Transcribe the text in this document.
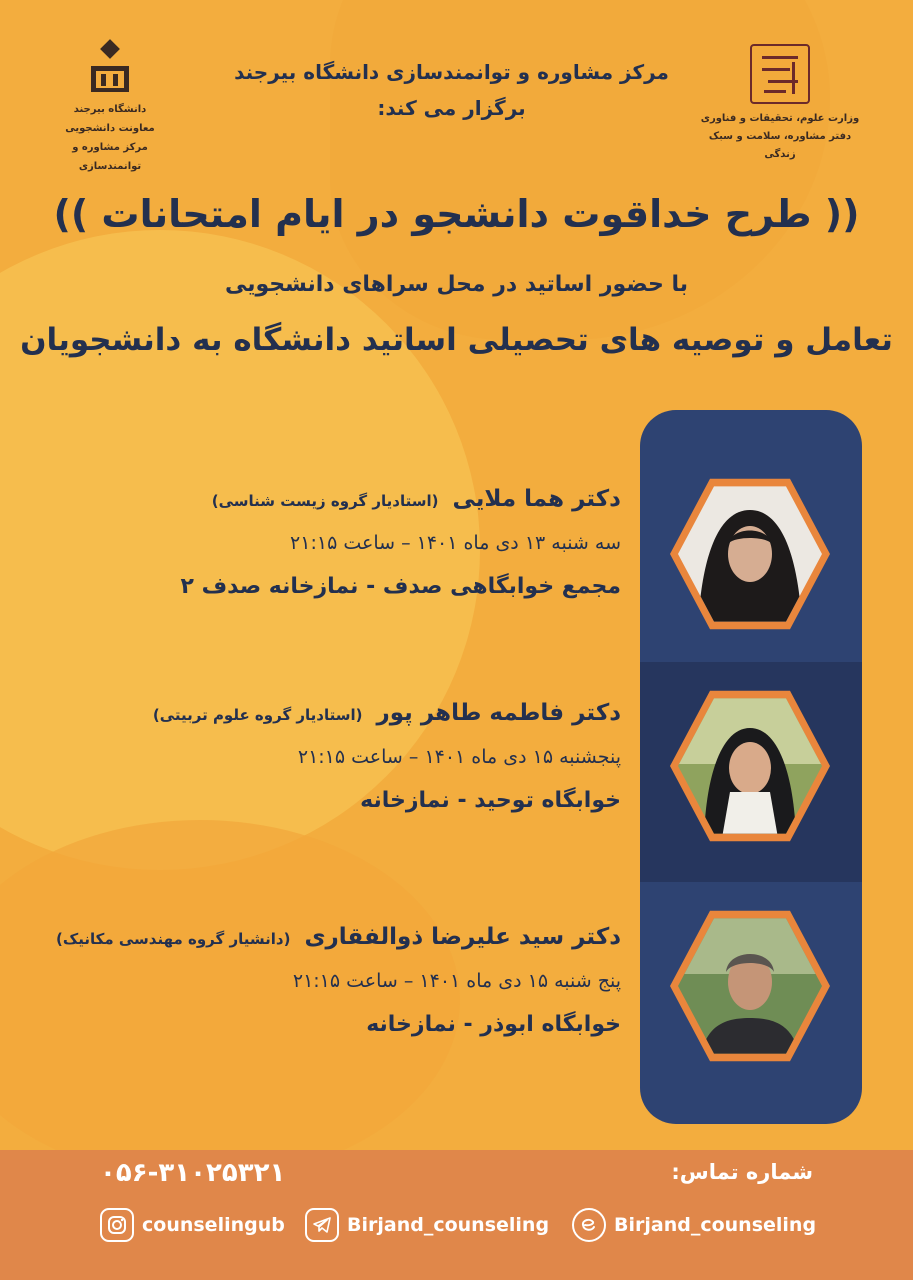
دانشگاه بیرجند
معاونت دانشجویی
مرکز مشاوره و توانمندسازی
وزارت علوم، تحقیقات و فناوری
دفتر مشاوره، سلامت و سبک زندگی
مرکز مشاوره و توانمندسازی دانشگاه بیرجند
برگزار می کند:
(( طرح خداقوت دانشجو در ایام امتحانات ))
با حضور اساتید در محل سراهای دانشجویی
تعامل و توصیه های تحصیلی اساتید دانشگاه به دانشجویان
دکتر هما ملایی (استادیار گروه زیست شناسی)
سه شنبه ۱۳ دی ماه ۱۴۰۱ – ساعت ۲۱:۱۵
مجمع خوابگاهی صدف - نمازخانه صدف ۲
دکتر فاطمه طاهر پور (استادیار گروه علوم تربیتی)
پنجشنبه ۱۵ دی ماه ۱۴۰۱ – ساعت ۲۱:۱۵
خوابگاه توحید - نمازخانه
دکتر سید علیرضا ذوالفقاری (دانشیار گروه مهندسی مکانیک)
پنج شنبه ۱۵ دی ماه ۱۴۰۱ – ساعت ۲۱:۱۵
خوابگاه ابوذر - نمازخانه
شماره تماس:
۰۵۶-۳۱۰۲۵۳۲۱
counselingub	Birjand_counseling	Birjand_counseling
